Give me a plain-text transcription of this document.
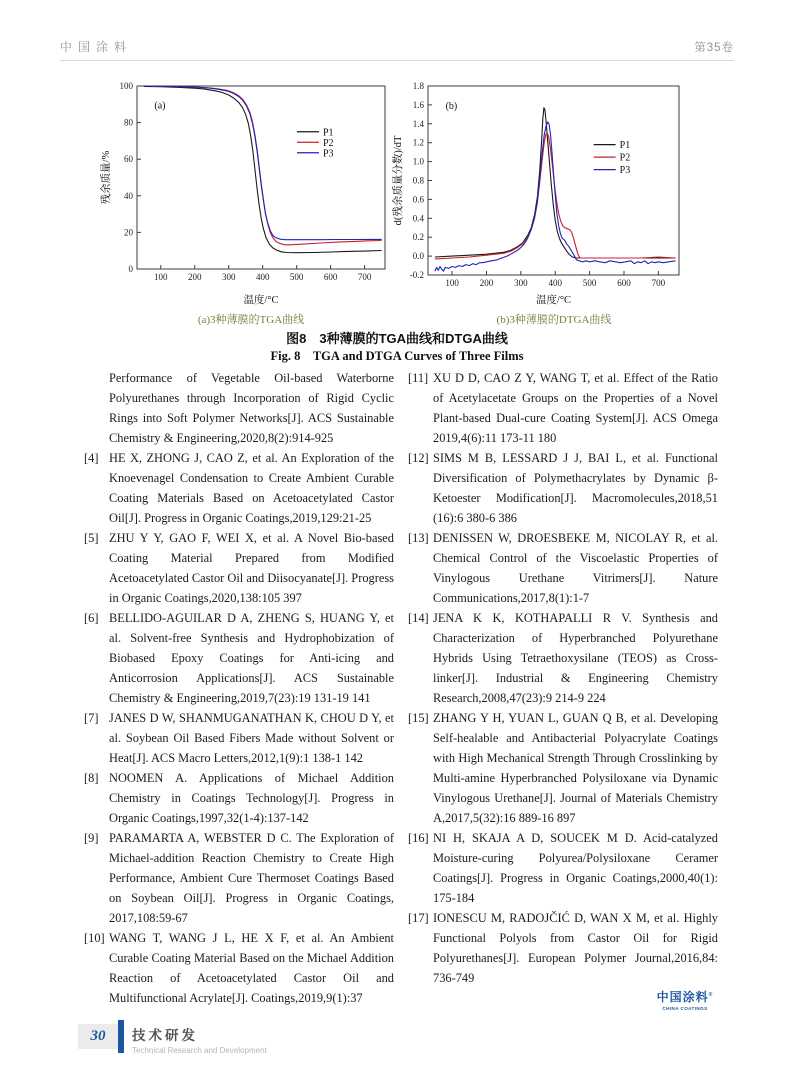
中国涂料	第35卷
100 200 300 400 500 600 700
0
20
40
60
80
100
温度/°C
残余质量/%
(a)
P1
P2
P3
100 200 300 400 500 600 700
-0.2
0.0
0.2
0.4
0.6
0.8
1.0
1.2
1.4
1.6
1.8
温度/°C
d(残余质量分数)/dT
(b)
P1
P2
P3
(a)3种薄膜的TGA曲线	(b)3种薄膜的DTGA曲线
图8　3种薄膜的TGA曲线和DTGA曲线
Fig. 8　TGA and DTGA Curves of Three Films
Performance of Vegetable Oil-based Waterborne Polyurethanes through Incorporation of Rigid Cyclic Rings into Soft Polymer Networks[J]. ACS Sustainable Chemistry & Engineering,2020,8(2):914-925
[4] HE X, ZHONG J, CAO Z, et al. An Exploration of the Knoevenagel Condensation to Create Ambient Curable Coating Materials Based on Acetoacetylated Castor Oil[J]. Progress in Organic Coatings,2019,129:21-25
[5] ZHU Y Y, GAO F, WEI X, et al. A Novel Bio-based Coating Material Prepared from Modified Acetoacetylated Castor Oil and Diisocyanate[J]. Progress in Organic Coatings,2020,138:105 397
[6] BELLIDO-AGUILAR D A, ZHENG S, HUANG Y, et al. Solvent-free Synthesis and Hydrophobization of Biobased Epoxy Coatings for Anti-icing and Anticorrosion Applications[J]. ACS Sustainable Chemistry & Engineering,2019,7(23):19 131-19 141
[7] JANES D W, SHANMUGANATHAN K, CHOU D Y, et al. Soybean Oil Based Fibers Made without Solvent or Heat[J]. ACS Macro Letters,2012,1(9):1 138-1 142
[8] NOOMEN A. Applications of Michael Addition Chemistry in Coatings Technology[J]. Progress in Organic Coatings,1997,32(1-4):137-142
[9] PARAMARTA A, WEBSTER D C. The Exploration of Michael-addition Reaction Chemistry to Create High Performance, Ambient Cure Thermoset Coatings Based on Soybean Oil[J]. Progress in Organic Coatings, 2017,108:59-67
[10] WANG T, WANG J L, HE X F, et al. An Ambient Curable Coating Material Based on the Michael Addition Reaction of Acetoacetylated Castor Oil and Multifunctional Acrylate[J]. Coatings,2019,9(1):37
[11] XU D D, CAO Z Y, WANG T, et al. Effect of the Ratio of Acetylacetate Groups on the Properties of a Novel Plant-based Dual-cure Coating System[J]. ACS Omega 2019,4(6):11 173-11 180
[12] SIMS M B, LESSARD J J, BAI L, et al. Functional Diversification of Polymethacrylates by Dynamic β-Ketoester Modification[J]. Macromolecules,2018,51 (16):6 380-6 386
[13] DENISSEN W, DROESBEKE M, NICOLAY R, et al. Chemical Control of the Viscoelastic Properties of Vinylogous Urethane Vitrimers[J]. Nature Communications,2017,8(1):1-7
[14] JENA K K, KOTHAPALLI R V. Synthesis and Characterization of Hyperbranched Polyurethane Hybrids Using Tetraethoxysilane (TEOS) as Cross-linker[J]. Industrial & Engineering Chemistry Research,2008,47(23):9 214-9 224
[15] ZHANG Y H, YUAN L, GUAN Q B, et al. Developing Self-healable and Antibacterial Polyacrylate Coatings with High Mechanical Strength Through Crosslinking by Multi-amine Hyperbranched Polysiloxane via Dynamic Vinylogous Urethane[J]. Journal of Materials Chemistry A,2017,5(32):16 889-16 897
[16] NI H, SKAJA A D, SOUCEK M D. Acid-catalyzed Moisture-curing Polyurea/Polysiloxane Ceramer Coatings[J]. Progress in Organic Coatings,2000,40(1): 175-184
[17] IONESCU M, RADOJČIĆ D, WAN X M, et al. Highly Functional Polyols from Castor Oil for Rigid Polyurethanes[J]. European Polymer Journal,2016,84: 736-749
中国涂料®
CHINA COATINGS
30	技术研发
Technical Research and Development
